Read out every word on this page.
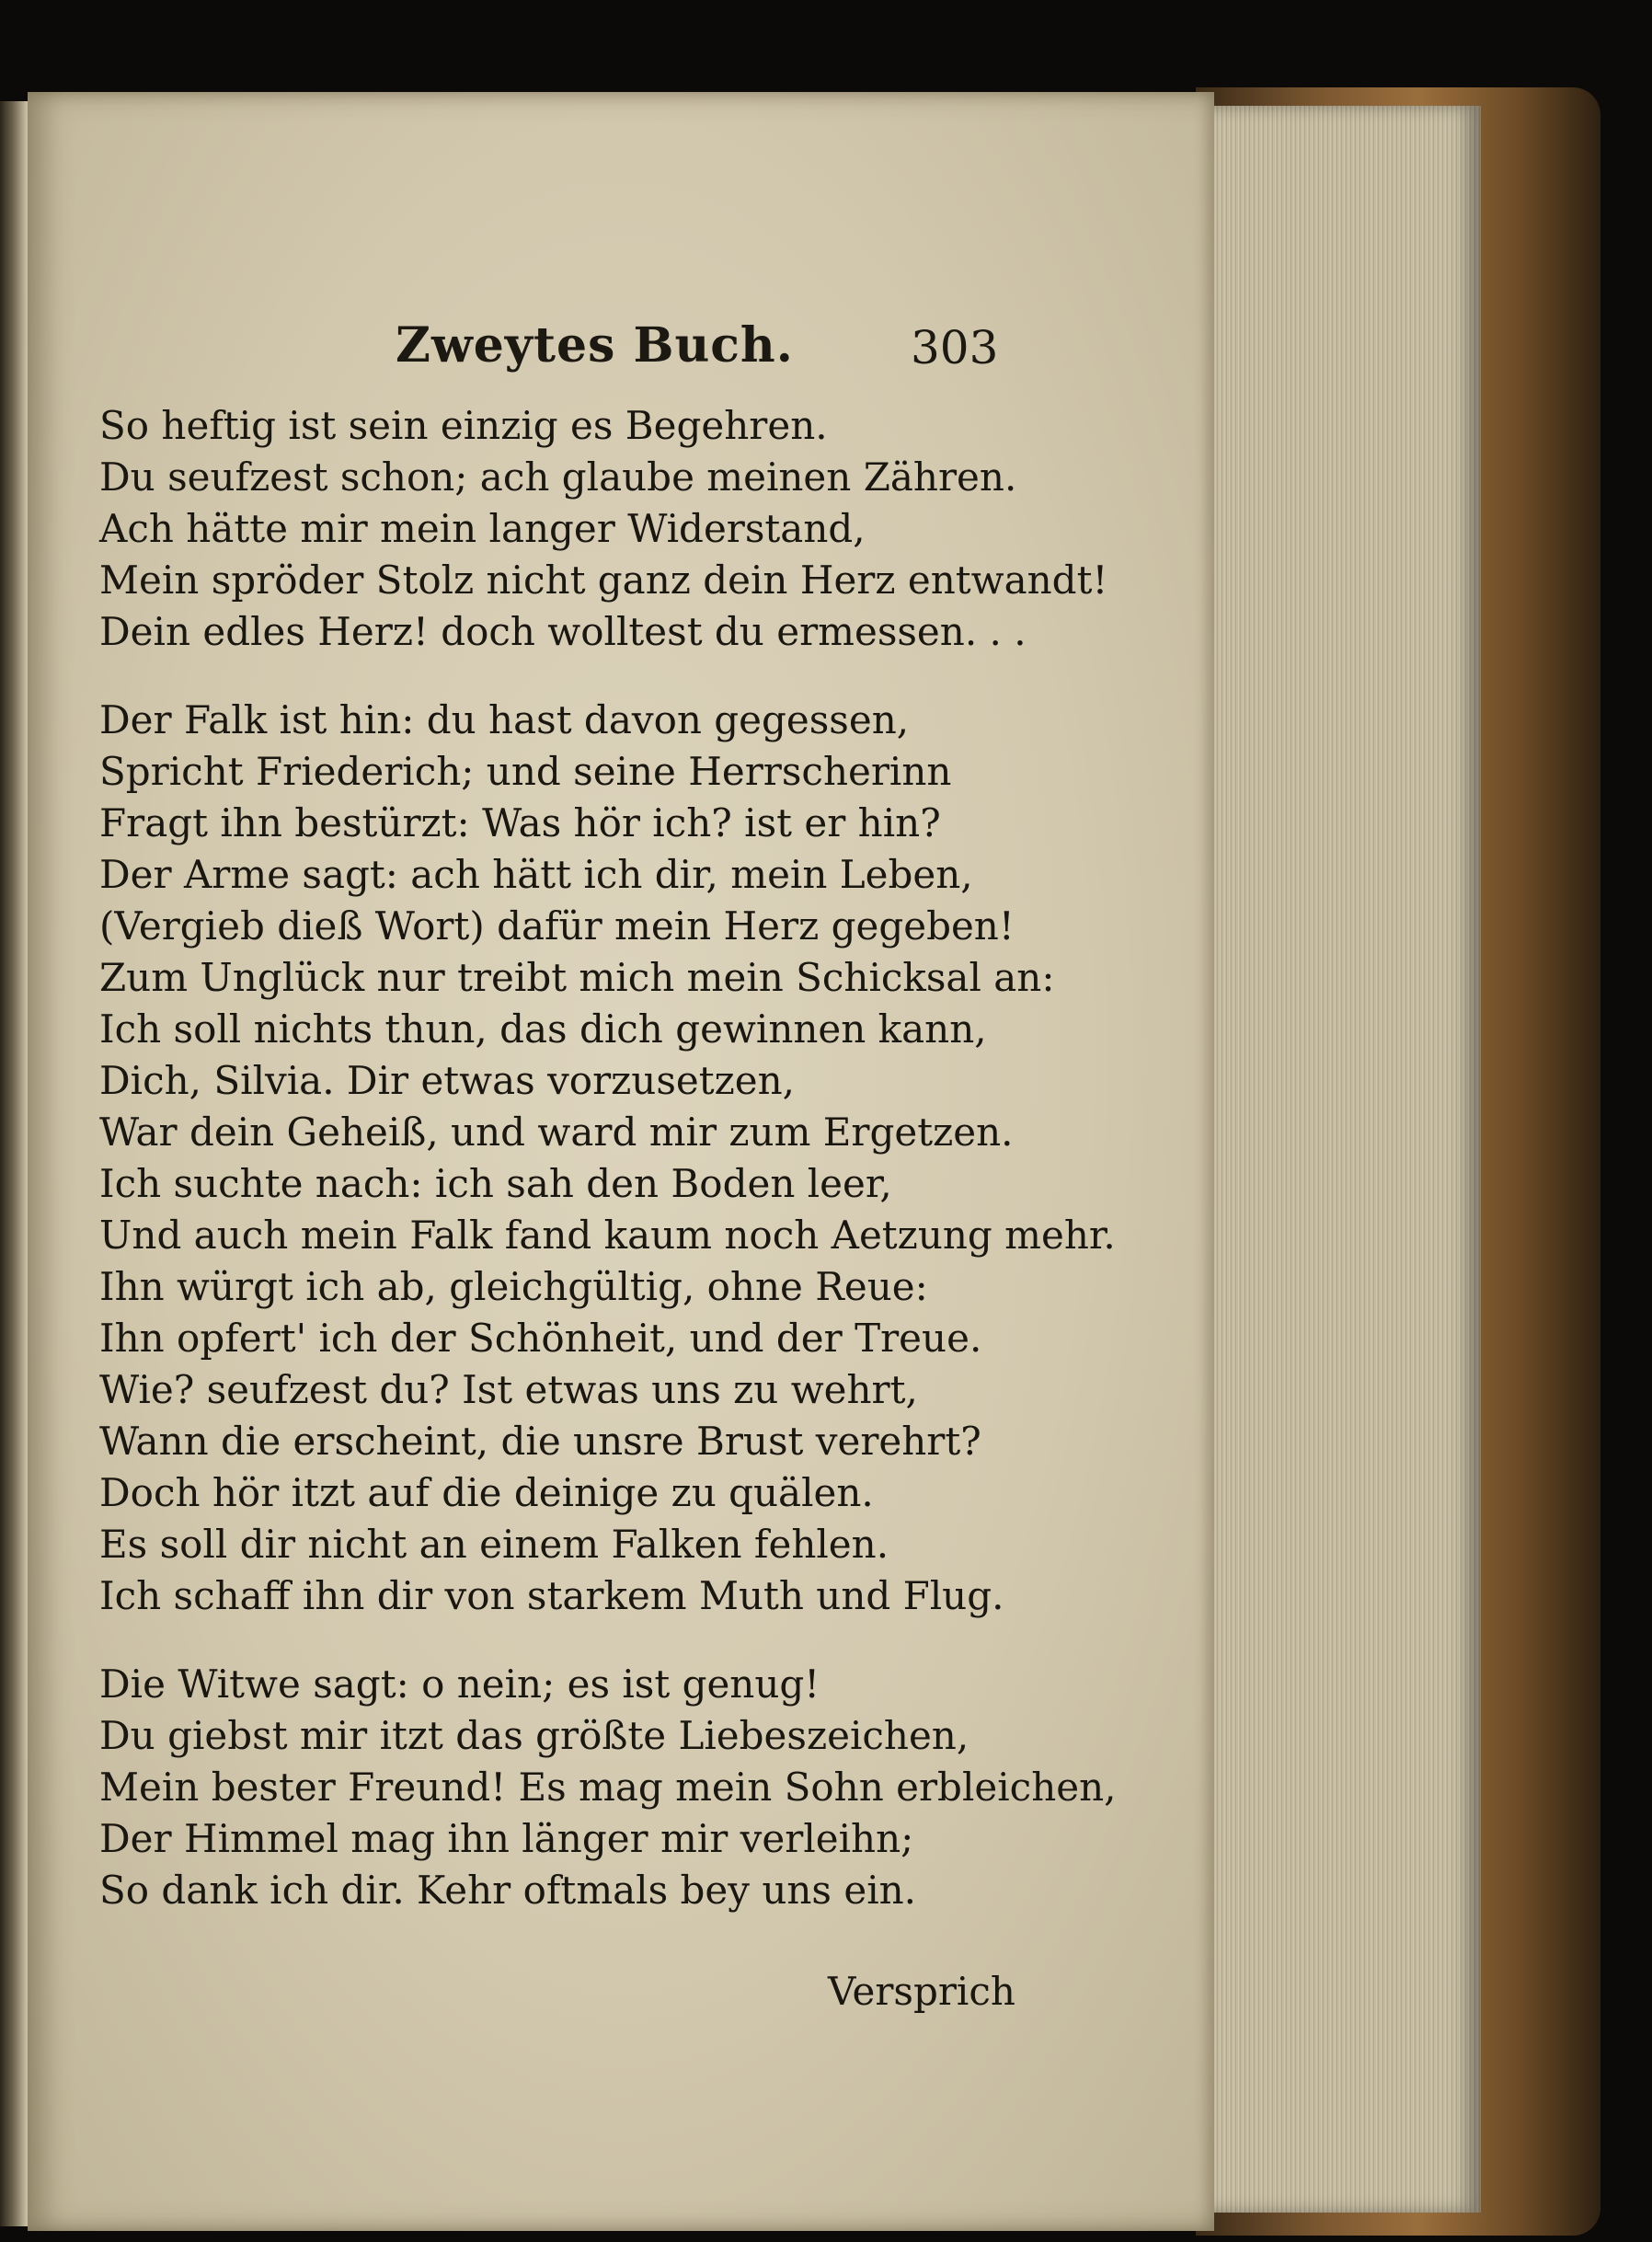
Zweytes Buch.	303
So heftig ist sein einzig es Begehren.
Du seufzest schon; ach glaube meinen Zähren.
Ach hätte mir mein langer Widerstand,
Mein spröder Stolz nicht ganz dein Herz entwandt!
Dein edles Herz! doch wolltest du ermessen. . .
Der Falk ist hin: du hast davon gegessen,
Spricht Friederich; und seine Herrscherinn
Fragt ihn bestürzt: Was hör ich? ist er hin?
Der Arme sagt: ach hätt ich dir, mein Leben,
(Vergieb dieß Wort) dafür mein Herz gegeben!
Zum Unglück nur treibt mich mein Schicksal an:
Ich soll nichts thun, das dich gewinnen kann,
Dich, Silvia. Dir etwas vorzusetzen,
War dein Geheiß, und ward mir zum Ergetzen.
Ich suchte nach: ich sah den Boden leer,
Und auch mein Falk fand kaum noch Aetzung mehr.
Ihn würgt ich ab, gleichgültig, ohne Reue:
Ihn opfert' ich der Schönheit, und der Treue.
Wie? seufzest du? Ist etwas uns zu wehrt,
Wann die erscheint, die unsre Brust verehrt?
Doch hör itzt auf die deinige zu quälen.
Es soll dir nicht an einem Falken fehlen.
Ich schaff ihn dir von starkem Muth und Flug.
Die Witwe sagt: o nein; es ist genug!
Du giebst mir itzt das größte Liebeszeichen,
Mein bester Freund! Es mag mein Sohn erbleichen,
Der Himmel mag ihn länger mir verleihn;
So dank ich dir. Kehr oftmals bey uns ein.
Versprich
